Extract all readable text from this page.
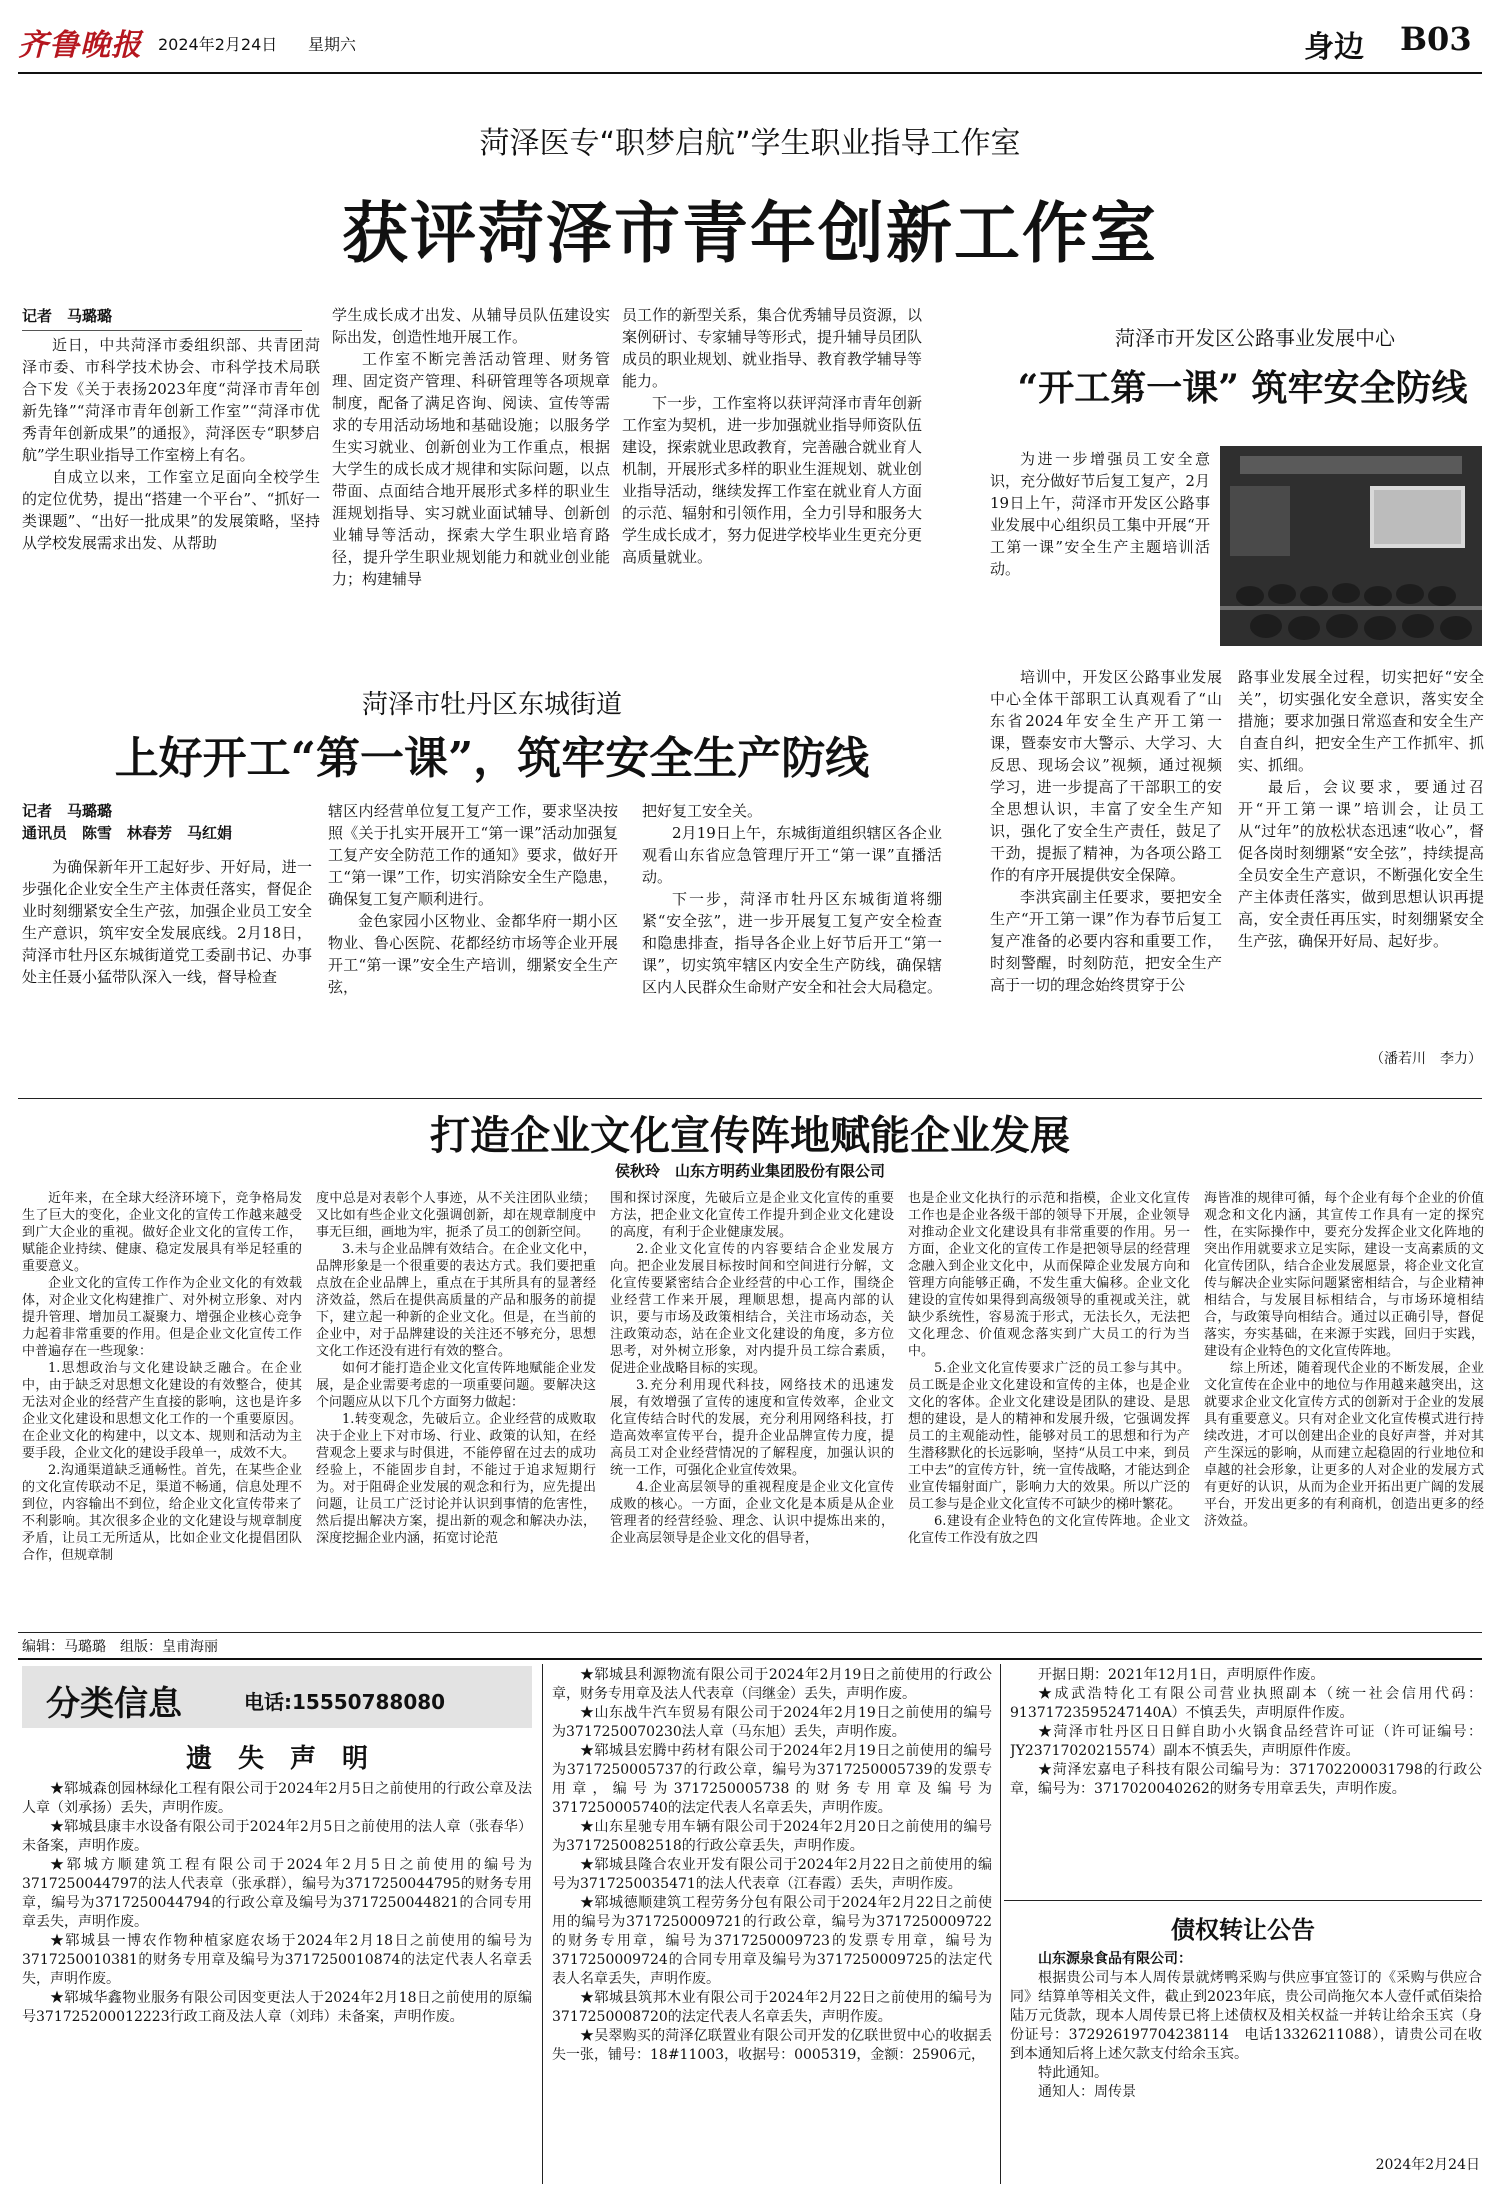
齐鲁晚报 2024年2月24日 星期六	身边 B03
菏泽医专“职梦启航”学生职业指导工作室
获评菏泽市青年创新工作室
记者　马璐璐

近日，中共菏泽市委组织部、共青团菏泽市委、市科学技术协会、市科学技术局联合下发《关于表扬2023年度“菏泽市青年创新先锋”“菏泽市青年创新工作室”“菏泽市优秀青年创新成果”的通报》，菏泽医专“职梦启航”学生职业指导工作室榜上有名。

自成立以来，工作室立足面向全校学生的定位优势，提出“搭建一个平台”、“抓好一类课题”、“出好一批成果”的发展策略，坚持从学校发展需求出发、从帮助

学生成长成才出发、从辅导员队伍建设实际出发，创造性地开展工作。

工作室不断完善活动管理、财务管理、固定资产管理、科研管理等各项规章制度，配备了满足咨询、阅读、宣传等需求的专用活动场地和基础设施；以服务学生实习就业、创新创业为工作重点，根据大学生的成长成才规律和实际问题，以点带面、点面结合地开展形式多样的职业生涯规划指导、实习就业面试辅导、创新创业辅导等活动，探索大学生职业培育路径，提升学生职业规划能力和就业创业能力；构建辅导

员工作的新型关系，集合优秀辅导员资源，以案例研讨、专家辅导等形式，提升辅导员团队成员的职业规划、就业指导、教育教学辅导等能力。

下一步，工作室将以获评菏泽市青年创新工作室为契机，进一步加强就业指导师资队伍建设，探索就业思政教育，完善融合就业育人机制，开展形式多样的职业生涯规划、就业创业指导活动，继续发挥工作室在就业育人方面的示范、辐射和引领作用，全力引导和服务大学生成长成才，努力促进学校毕业生更充分更高质量就业。

菏泽市开发区公路事业发展中心
“开工第一课” 筑牢安全防线

为进一步增强员工安全意识，充分做好节后复工复产，2月19日上午，菏泽市开发区公路事业发展中心组织员工集中开展“开工第一课”安全生产主题培训活动。

培训中，开发区公路事业发展中心全体干部职工认真观看了“山东省2024年安全生产开工第一课，暨泰安市大警示、大学习、大反思、现场会议”视频，通过视频学习，进一步提高了干部职工的安全思想认识，丰富了安全生产知识，强化了安全生产责任，鼓足了干劲，提振了精神，为各项公路工作的有序开展提供安全保障。

李洪宾副主任要求，要把安全生产“开工第一课”作为春节后复工复产准备的必要内容和重要工作，时刻警醒，时刻防范，把安全生产高于一切的理念始终贯穿于公

路事业发展全过程，切实把好“安全关”，切实强化安全意识，落实安全措施；要求加强日常巡查和安全生产自查自纠，把安全生产工作抓牢、抓实、抓细。

最后，会议要求，要通过召开“开工第一课”培训会，让员工从“过年”的放松状态迅速“收心”，督促各岗时刻绷紧“安全弦”，持续提高全员安全生产意识，不断强化安全生产主体责任落实，做到思想认识再提高，安全责任再压实，时刻绷紧安全生产弦，确保开好局、起好步。

（潘若川　李力）
菏泽市牡丹区东城街道
上好开工“第一课”，筑牢安全生产防线
记者　马璐璐
通讯员　陈雪　林春芳　马红娟

为确保新年开工起好步、开好局，进一步强化企业安全生产主体责任落实，督促企业时刻绷紧安全生产弦，加强企业员工安全生产意识，筑牢安全发展底线。2月18日，菏泽市牡丹区东城街道党工委副书记、办事处主任聂小猛带队深入一线，督导检查

辖区内经营单位复工复产工作，要求坚决按照《关于扎实开展开工“第一课”活动加强复工复产安全防范工作的通知》要求，做好开工“第一课”工作，切实消除安全生产隐患，确保复工复产顺利进行。

金色家园小区物业、金都华府一期小区物业、鲁心医院、花都经纺市场等企业开展开工“第一课”安全生产培训，绷紧安全生产弦，

把好复工安全关。

2月19日上午，东城街道组织辖区各企业观看山东省应急管理厅开工“第一课”直播活动。

下一步，菏泽市牡丹区东城街道将绷紧“安全弦”，进一步开展复工复产安全检查和隐患排查，指导各企业上好节后开工“第一课”，切实筑牢辖区内安全生产防线，确保辖区内人民群众生命财产安全和社会大局稳定。

打造企业文化宣传阵地赋能企业发展
侯秋玲　山东方明药业集团股份有限公司

近年来，在全球大经济环境下，竞争格局发生了巨大的变化，企业文化的宣传工作越来越受到广大企业的重视。做好企业文化的宣传工作，赋能企业持续、健康、稳定发展具有举足轻重的重要意义。

企业文化的宣传工作作为企业文化的有效载体，对企业文化构建推广、对外树立形象、对内提升管理、增加员工凝聚力、增强企业核心竞争力起着非常重要的作用。但是企业文化宣传工作中普遍存在一些现象：

1.思想政治与文化建设缺乏融合。在企业中，由于缺乏对思想文化建设的有效整合，使其无法对企业的经营产生直接的影响，这也是许多企业文化建设和思想文化工作的一个重要原因。在企业文化的构建中，以文本、规则和活动为主要手段，企业文化的建设手段单一，成效不大。

2.沟通渠道缺乏通畅性。首先，在某些企业的文化宣传联动不足，渠道不畅通，信息处理不到位，内容输出不到位，给企业文化宣传带来了不利影响。其次很多企业的文化建设与规章制度矛盾，让员工无所适从，比如企业文化提倡团队合作，但规章制

度中总是对表彰个人事迹，从不关注团队业绩；又比如有些企业文化强调创新，却在规章制度中事无巨细，画地为牢，扼杀了员工的创新空间。

3.未与企业品牌有效结合。在企业文化中，品牌形象是一个很重要的表达方式。我们要把重点放在企业品牌上，重点在于其所具有的显著经济效益，然后在提供高质量的产品和服务的前提下，建立起一种新的企业文化。但是，在当前的企业中，对于品牌建设的关注还不够充分，思想文化工作还没有进行有效的整合。

如何才能打造企业文化宣传阵地赋能企业发展，是企业需要考虑的一项重要问题。要解决这个问题应从以下几个方面努力做起：

1.转变观念，先破后立。企业经营的成败取决于企业上下对市场、行业、政策的认知，在经营观念上要求与时俱进，不能停留在过去的成功经验上，不能固步自封，不能过于追求短期行为。对于阻碍企业发展的观念和行为，应先提出问题，让员工广泛讨论并认识到事情的危害性，然后提出解决方案，提出新的观念和解决办法，深度挖掘企业内涵，拓宽讨论范

围和探讨深度，先破后立是企业文化宣传的重要方法，把企业文化宣传工作提升到企业文化建设的高度，有利于企业健康发展。

2.企业文化宣传的内容要结合企业发展方向。把企业发展目标按时间和空间进行分解，文化宣传要紧密结合企业经营的中心工作，围绕企业经营工作来开展，理顺思想，提高内部的认识，要与市场及政策相结合，关注市场动态，关注政策动态，站在企业文化建设的角度，多方位思考，对外树立形象，对内提升员工综合素质，促进企业战略目标的实现。

3.充分利用现代科技，网络技术的迅速发展，有效增强了宣传的速度和宣传效率，企业文化宣传结合时代的发展，充分利用网络科技，打造高效率宣传平台，提升企业品牌宣传力度，提高员工对企业经营情况的了解程度，加强认识的统一工作，可强化企业宣传效果。

4.企业高层领导的重视程度是企业文化宣传成败的核心。一方面，企业文化是本质是从企业管理者的经营经验、理念、认识中提炼出来的，企业高层领导是企业文化的倡导者，

也是企业文化执行的示范和指模，企业文化宣传工作也是企业各级干部的领导下开展，企业领导对推动企业文化建设具有非常重要的作用。另一方面，企业文化的宣传工作是把领导层的经营理念融入到企业文化中，从而保障企业发展方向和管理方向能够正确，不发生重大偏移。企业文化建设的宣传如果得到高级领导的重视或关注，就缺少系统性，容易流于形式，无法长久，无法把文化理念、价值观念落实到广大员工的行为当中。

5.企业文化宣传要求广泛的员工参与其中。员工既是企业文化建设和宣传的主体，也是企业文化的客体。企业文化建设是团队的建设、是思想的建设，是人的精神和发展升级，它强调发挥员工的主观能动性，能够对员工的思想和行为产生潜移默化的长远影响，坚持“从员工中来，到员工中去”的宣传方针，统一宣传战略，才能达到企业宣传辐射面广，影响力大的效果。所以广泛的员工参与是企业文化宣传不可缺少的梯叶繁花。

6.建设有企业特色的文化宣传阵地。企业文化宣传工作没有放之四

海皆准的规律可循，每个企业有每个企业的价值观念和文化内涵，其宣传工作具有一定的探究性，在实际操作中，要充分发挥企业文化阵地的突出作用就要求立足实际，建设一支高素质的文化宣传团队，结合企业发展愿景，将企业文化宣传与解决企业实际问题紧密相结合，与企业精神相结合，与发展目标相结合，与市场环境相结合，与政策导向相结合。通过以正确引导，督促落实，夯实基础，在来源于实践，回归于实践，建设有企业特色的文化宣传阵地。

综上所述，随着现代企业的不断发展，企业文化宣传在企业中的地位与作用越来越突出，这就要求企业文化宣传方式的创新对于企业的发展具有重要意义。只有对企业文化宣传模式进行持续改进，才可以创建出企业的良好声誉，并对其产生深远的影响，从而建立起稳固的行业地位和卓越的社会形象，让更多的人对企业的发展方式有更好的认识，从而为企业开拓出更广阔的发展平台，开发出更多的有利商机，创造出更多的经济效益。

编辑：马璐璐　组版：皇甫海丽
分类信息	电话:15550788080
遗　失　声　明

★郓城森创园林绿化工程有限公司于2024年2月5日之前使用的行政公章及法人章（刘承扬）丢失，声明作废。

★郓城县康丰水设备有限公司于2024年2月5日之前使用的法人章（张春华）未备案，声明作废。

★郓城方顺建筑工程有限公司于2024年2月5日之前使用的编号为371725004479​7的法人代表章（张承群），编号为371725004479​5的财务专用章，编号为371725004479​4的行政公章及编号为371725004482​1的合同专用章丢失，声明作废。

★郓城县一博农作物种植家庭农场于2024年2月18日之前使用的编号为371725001038​1的财务专用章及编号为371725001087​4的法定代表人名章丢失，声明作废。

★郓城华鑫物业服务有限公司因变更法人于2024年2月18日之前使用的原编号371725200012223行政工商及法人章（刘玮）未备案，声明作废。

★郓城县利源物流有限公司于2024年2月19日之前使用的行政公章，财务专用章及法人代表章（闫继金）丢失，声明作废。

★山东战牛汽车贸易有限公司于2024年2月19日之前使用的编号为371725007023​0法人章（马东旭）丢失，声明作废。

★郓城县宏腾中药材有限公司于2024年2月19日之前使用的编号为371725000573​7的行政公章，编号为371725000573​9的发票专用章，编号为371725000573​8的财务专用章及编号为371725000574​0的法定代表人名章丢失，声明作废。

★山东星驰专用车辆有限公司于2024年2月20日之前使用的编号为371725008251​8的行政公章丢失，声明作废。

★郓城县隆合农业开发有限公司于2024年2月22日之前使用的编号为371725003547​1的法人代表章（江春霞）丢失，声明作废。

★郓城德顺建筑工程劳务分包有限公司于2024年2月22日之前使用的编号为37172500097​21的行政公章，编号为371725000972​2的财务专用章，编号为371725000972​3的发票专用章，编号为371725000972​4的合同专用章及编号为371725000972​5的法定代表人名章丢失，声明作废。

★郓城县筑邦木业有限公司于2024年2月22日之前使用的编号为371725000872​0的法定代表人名章丢失，声明作废。

★吴翠购买的菏泽亿联置业有限公司开发的亿联世贸中心的收据丢失一张，铺号：18#11003，收据号：0005319，金额：25906元，

开据日期：2021年12月1日，声明原件作废。

★成武浩特化工有限公司营业执照副本（统一社会信用代码：91371723595247140A）不慎丢失，声明原件作废。

★菏泽市牡丹区日日鲜自助小火锅食品经营许可证（许可证编号：JY23717020215574）副本不慎丢失，声明原件作废。

★菏泽宏嘉电子科技有限公司编号为：371702200031798的行政公章，编号为：371702004026​2的财务专用章丢失，声明作废。

债权转让公告

山东源泉食品有限公司：

根据贵公司与本人周传景就烤鸭采购与供应事宜签订的《采购与供应合同》结算单等相关文件，截止到2023年底，贵公司尚拖欠本人壹仟贰佰柒拾陆万元货款，现本人周传景已将上述债权及相关权益一并转让给余玉宾（身份证号：372926197704238114　电话13326211088），请贵公司在收到本通知后将上述欠款支付给余玉宾。

特此通知。

通知人：周传景

2024年2月24日
